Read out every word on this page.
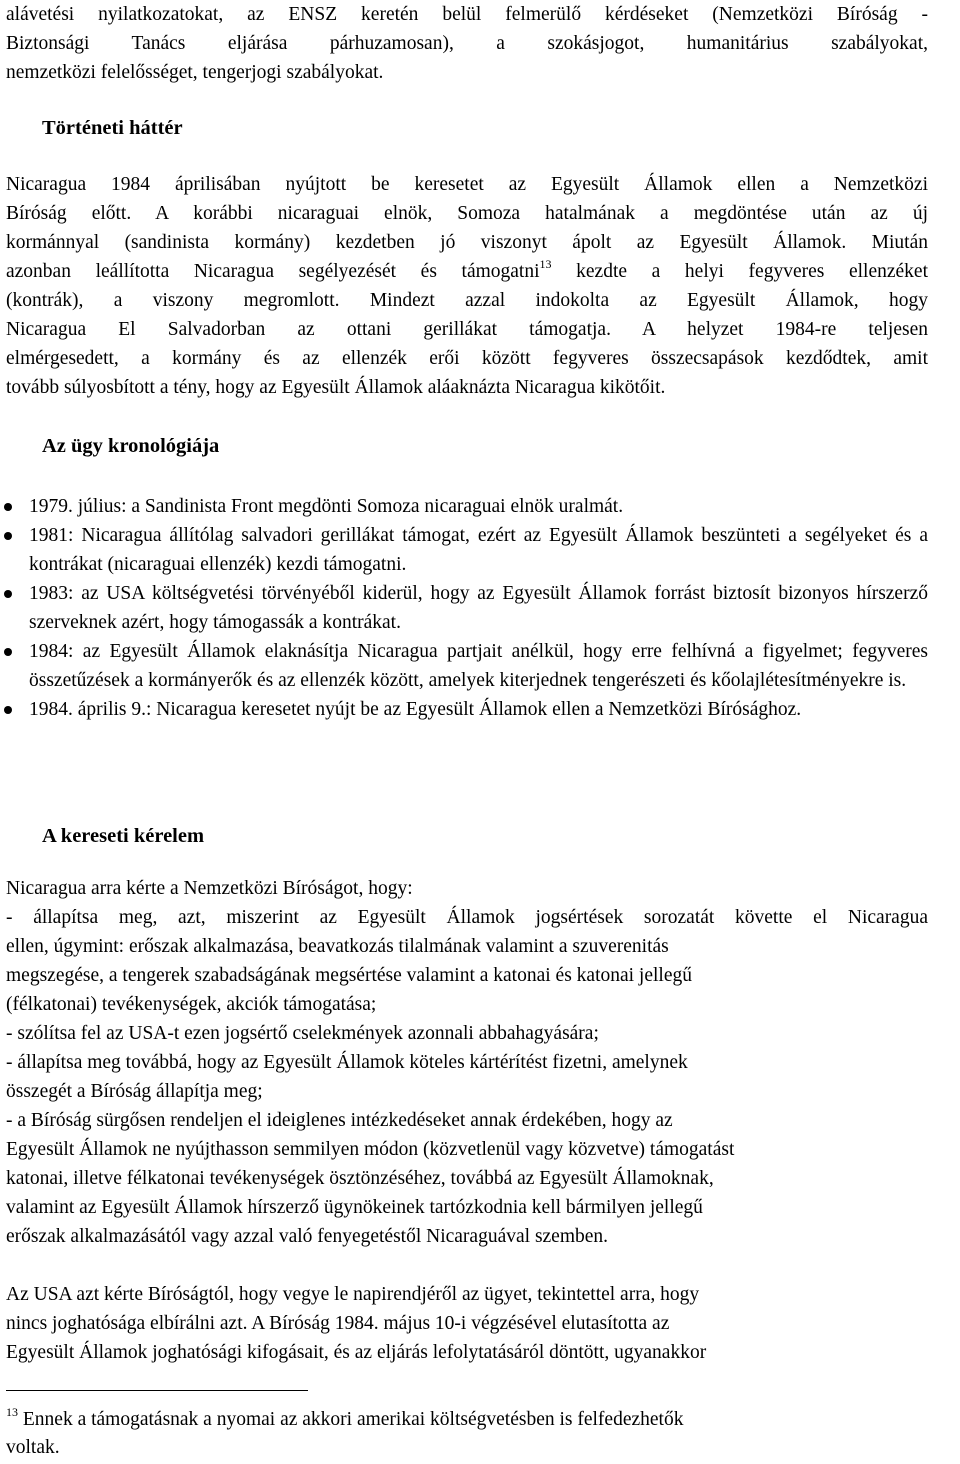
alávetési nyilatkozatokat, az ENSZ keretén belül felmerülő kérdéseket (Nemzetközi Bíróság -

Biztonsági Tanács eljárása párhuzamosan), a szokásjogot, humanitárius szabályokat,

nemzetközi felelősséget, tengerjogi szabályokat.

Történeti háttér

Nicaragua 1984 áprilisában nyújtott be keresetet az Egyesült Államok ellen a Nemzetközi

Bíróság előtt. A korábbi nicaraguai elnök, Somoza hatalmának a megdöntése után az új

kormánnyal (sandinista kormány) kezdetben jó viszonyt ápolt az Egyesült Államok. Miután

azonban leállította Nicaragua segélyezését és támogatni$^{13}$ kezdte a helyi fegyveres ellenzéket

(kontrák), a viszony megromlott. Mindezt azzal indokolta az Egyesült Államok, hogy

Nicaragua El Salvadorban az ottani gerillákat támogatja. A helyzet 1984-re teljesen

elmérgesedett, a kormány és az ellenzék erői között fegyveres összecsapások kezdődtek, amit

tovább súlyosbított a tény, hogy az Egyesült Államok aláaknázta Nicaragua kikötőit.

Az ügy kronológiája
1979. július: a Sandinista Front megdönti Somoza nicaraguai elnök uralmát.
1981: Nicaragua állítólag salvadori gerillákat támogat, ezért az Egyesült Államok beszünteti a segélyeket és a kontrákat (nicaraguai ellenzék) kezdi támogatni.
1983: az USA költségvetési törvényéből kiderül, hogy az Egyesült Államok forrást biztosít bizonyos hírszerző szerveknek azért, hogy támogassák a kontrákat.
1984: az Egyesült Államok elaknásítja Nicaragua partjait anélkül, hogy erre felhívná a figyelmet; fegyveres összetűzések a kormányerők és az ellenzék között, amelyek kiterjednek tengerészeti és kőolajlétesítményekre is.
1984. április 9.: Nicaragua keresetet nyújt be az Egyesült Államok ellen a Nemzetközi Bírósághoz.
A kereseti kérelem

Nicaragua arra kérte a Nemzetközi Bíróságot, hogy:

- állapítsa meg, azt, miszerint az Egyesült Államok jogsértések sorozatát követte el Nicaragua

ellen, úgymint: erőszak alkalmazása, beavatkozás tilalmának valamint a szuverenitás

megszegése, a tengerek szabadságának megsértése valamint a katonai és katonai jellegű

(félkatonai) tevékenységek, akciók támogatása;

- szólítsa fel az USA-t ezen jogsértő cselekmények azonnali abbahagyására;

- állapítsa meg továbbá, hogy az Egyesült Államok köteles kártérítést fizetni, amelynek

összegét a Bíróság állapítja meg;

- a Bíróság sürgősen rendeljen el ideiglenes intézkedéseket annak érdekében, hogy az

Egyesült Államok ne nyújthasson semmilyen módon (közvetlenül vagy közvetve) támogatást

katonai, illetve félkatonai tevékenységek ösztönzéséhez, továbbá az Egyesült Államoknak,

valamint az Egyesült Államok hírszerző ügynökeinek tartózkodnia kell bármilyen jellegű

erőszak alkalmazásától vagy azzal való fenyegetéstől Nicaraguával szemben.

Az USA azt kérte Bíróságtól, hogy vegye le napirendjéről az ügyet, tekintettel arra, hogy

nincs joghatósága elbírálni azt. A Bíróság 1984. május 10-i végzésével elutasította az

Egyesült Államok joghatósági kifogásait, és az eljárás lefolytatásáról döntött, ugyanakkor

$^{13}$ Ennek a támogatásnak a nyomai az akkori amerikai költségvetésben is felfedezhetők
voltak.
